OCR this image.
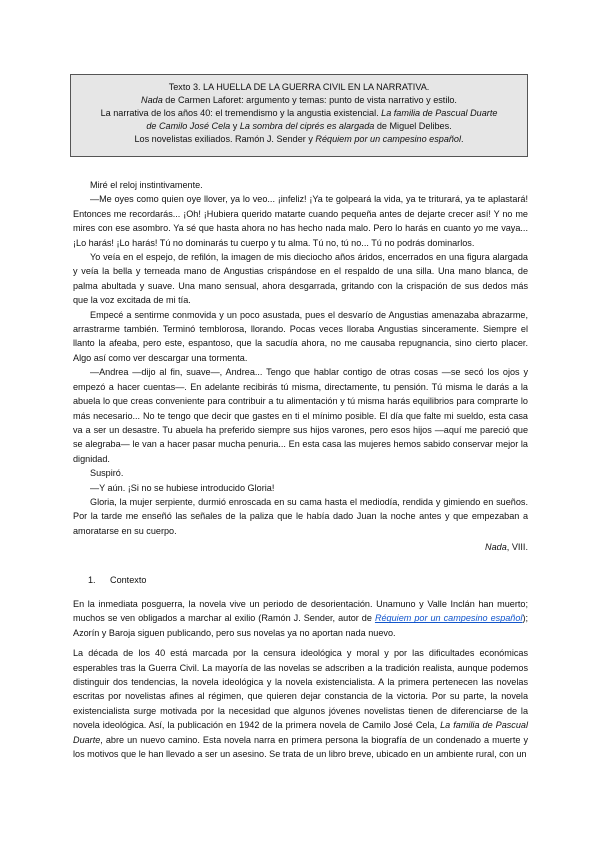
Texto 3. LA HUELLA DE LA GUERRA CIVIL EN LA NARRATIVA.
Nada de Carmen Laforet: argumento y temas: punto de vista narrativo y estilo.
La narrativa de los años 40: el tremendismo y la angustia existencial. La familia de Pascual Duarte
de Camilo José Cela y La sombra del ciprés es alargada de Miguel Delibes.
Los novelistas exiliados. Ramón J. Sender y Réquiem por un campesino español.

Miré el reloj instintivamente.

—Me oyes como quien oye llover, ya lo veo... ¡infeliz! ¡Ya te golpeará la vida, ya te triturará, ya te aplastará! Entonces me recordarás... ¡Oh! ¡Hubiera querido matarte cuando pequeña antes de dejarte crecer así! Y no me mires con ese asombro. Ya sé que hasta ahora no has hecho nada malo. Pero lo harás en cuanto yo me vaya... ¡Lo harás! ¡Lo harás! Tú no dominarás tu cuerpo y tu alma. Tú no, tú no... Tú no podrás dominarlos.

Yo veía en el espejo, de refilón, la imagen de mis dieciocho años áridos, encerrados en una figura alargada y veía la bella y terneada mano de Angustias crispándose en el respaldo de una silla. Una mano blanca, de palma abultada y suave. Una mano sensual, ahora desgarrada, gritando con la crispación de sus dedos más que la voz excitada de mi tía.

Empecé a sentirme conmovida y un poco asustada, pues el desvarío de Angustias amenazaba abrazarme, arrastrarme también. Terminó temblorosa, llorando. Pocas veces lloraba Angustias sinceramente. Siempre el llanto la afeaba, pero este, espantoso, que la sacudía ahora, no me causaba repugnancia, sino cierto placer. Algo así como ver descargar una tormenta.

—Andrea —dijo al fin, suave—, Andrea... Tengo que hablar contigo de otras cosas —se secó los ojos y empezó a hacer cuentas—. En adelante recibirás tú misma, directamente, tu pensión. Tú misma le darás a la abuela lo que creas conveniente para contribuir a tu alimentación y tú misma harás equilibrios para comprarte lo más necesario... No te tengo que decir que gastes en ti el mínimo posible. El día que falte mi sueldo, esta casa va a ser un desastre. Tu abuela ha preferido siempre sus hijos varones, pero esos hijos —aquí me pareció que se alegraba— le van a hacer pasar mucha penuria... En esta casa las mujeres hemos sabido conservar mejor la dignidad.

Suspiró.

—Y aún. ¡Si no se hubiese introducido Gloria!

Gloria, la mujer serpiente, durmió enroscada en su cama hasta el mediodía, rendida y gimiendo en sueños. Por la tarde me enseñó las señales de la paliza que le había dado Juan la noche antes y que empezaban a amoratarse en su cuerpo.

Nada, VIII.

1. Contexto

En la inmediata posguerra, la novela vive un periodo de desorientación. Unamuno y Valle Inclán han muerto; muchos se ven obligados a marchar al exilio (Ramón J. Sender, autor de Réquiem por un campesino español); Azorín y Baroja siguen publicando, pero sus novelas ya no aportan nada nuevo.

La década de los 40 está marcada por la censura ideológica y moral y por las dificultades económicas esperables tras la Guerra Civil. La mayoría de las novelas se adscriben a la tradición realista, aunque podemos distinguir dos tendencias, la novela ideológica y la novela existencialista. A la primera pertenecen las novelas escritas por novelistas afines al régimen, que quieren dejar constancia de la victoria. Por su parte, la novela existencialista surge motivada por la necesidad que algunos jóvenes novelistas tienen de diferenciarse de la novela ideológica. Así, la publicación en 1942 de la primera novela de Camilo José Cela, La familia de Pascual Duarte, abre un nuevo camino. Esta novela narra en primera persona la biografía de un condenado a muerte y los motivos que le han llevado a ser un asesino. Se trata de un libro breve, ubicado en un ambiente rural, con un
